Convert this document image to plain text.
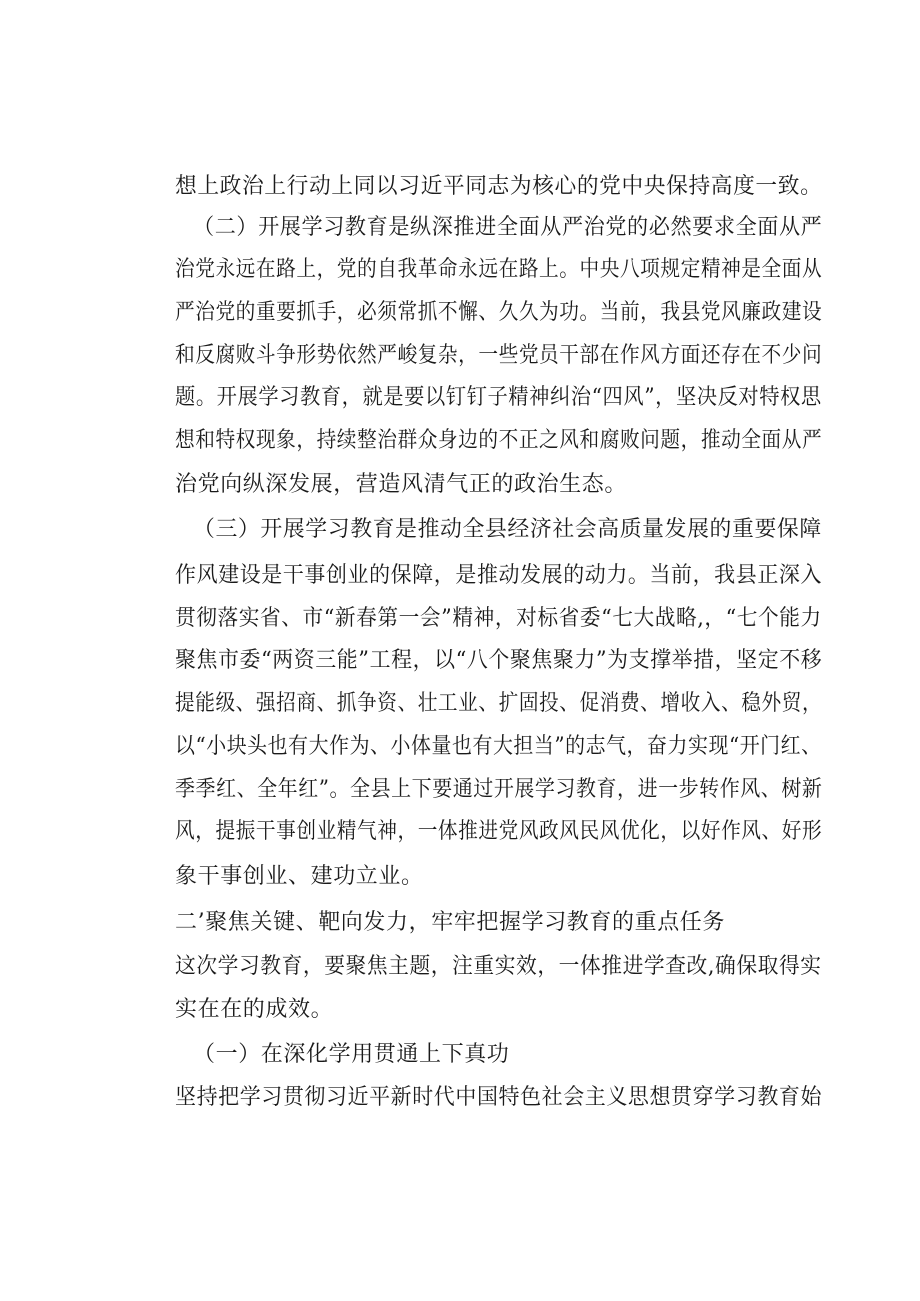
想上政治上行动上同以习近平同志为核心的党中央保持高度一致。
（二）开展学习教育是纵深推进全面从严治党的必然要求全面从严
治党永远在路上，党的自我革命永远在路上。中央八项规定精神是全面从
严治党的重要抓手，必须常抓不懈、久久为功。当前，我县党风廉政建设
和反腐败斗争形势依然严峻复杂，一些党员干部在作风方面还存在不少问
题。开展学习教育，就是要以钉钉子精神纠治“四风”，坚决反对特权思
想和特权现象，持续整治群众身边的不正之风和腐败问题，推动全面从严
治党向纵深发展，营造风清气正的政治生态。
（三）开展学习教育是推动全县经济社会高质量发展的重要保障
作风建设是干事创业的保障，是推动发展的动力。当前，我县正深入
贯彻落实省、市“新春第一会”精神，对标省委“七大战略,，“七个能力
聚焦市委“两资三能”工程，以“八个聚焦聚力”为支撑举措，坚定不移
提能级、强招商、抓争资、壮工业、扩固投、促消费、增收入、稳外贸，
以“小块头也有大作为、小体量也有大担当”的志气，奋力实现“开门红、
季季红、全年红”。全县上下要通过开展学习教育，进一步转作风、树新
风，提振干事创业精气神，一体推进党风政风民风优化，以好作风、好形
象干事创业、建功立业。
二’聚焦关键、靶向发力，牢牢把握学习教育的重点任务
这次学习教育，要聚焦主题，注重实效，一体推进学查改,确保取得实
实在在的成效。
（一）在深化学用贯通上下真功
坚持把学习贯彻习近平新时代中国特色社会主义思想贯穿学习教育始
